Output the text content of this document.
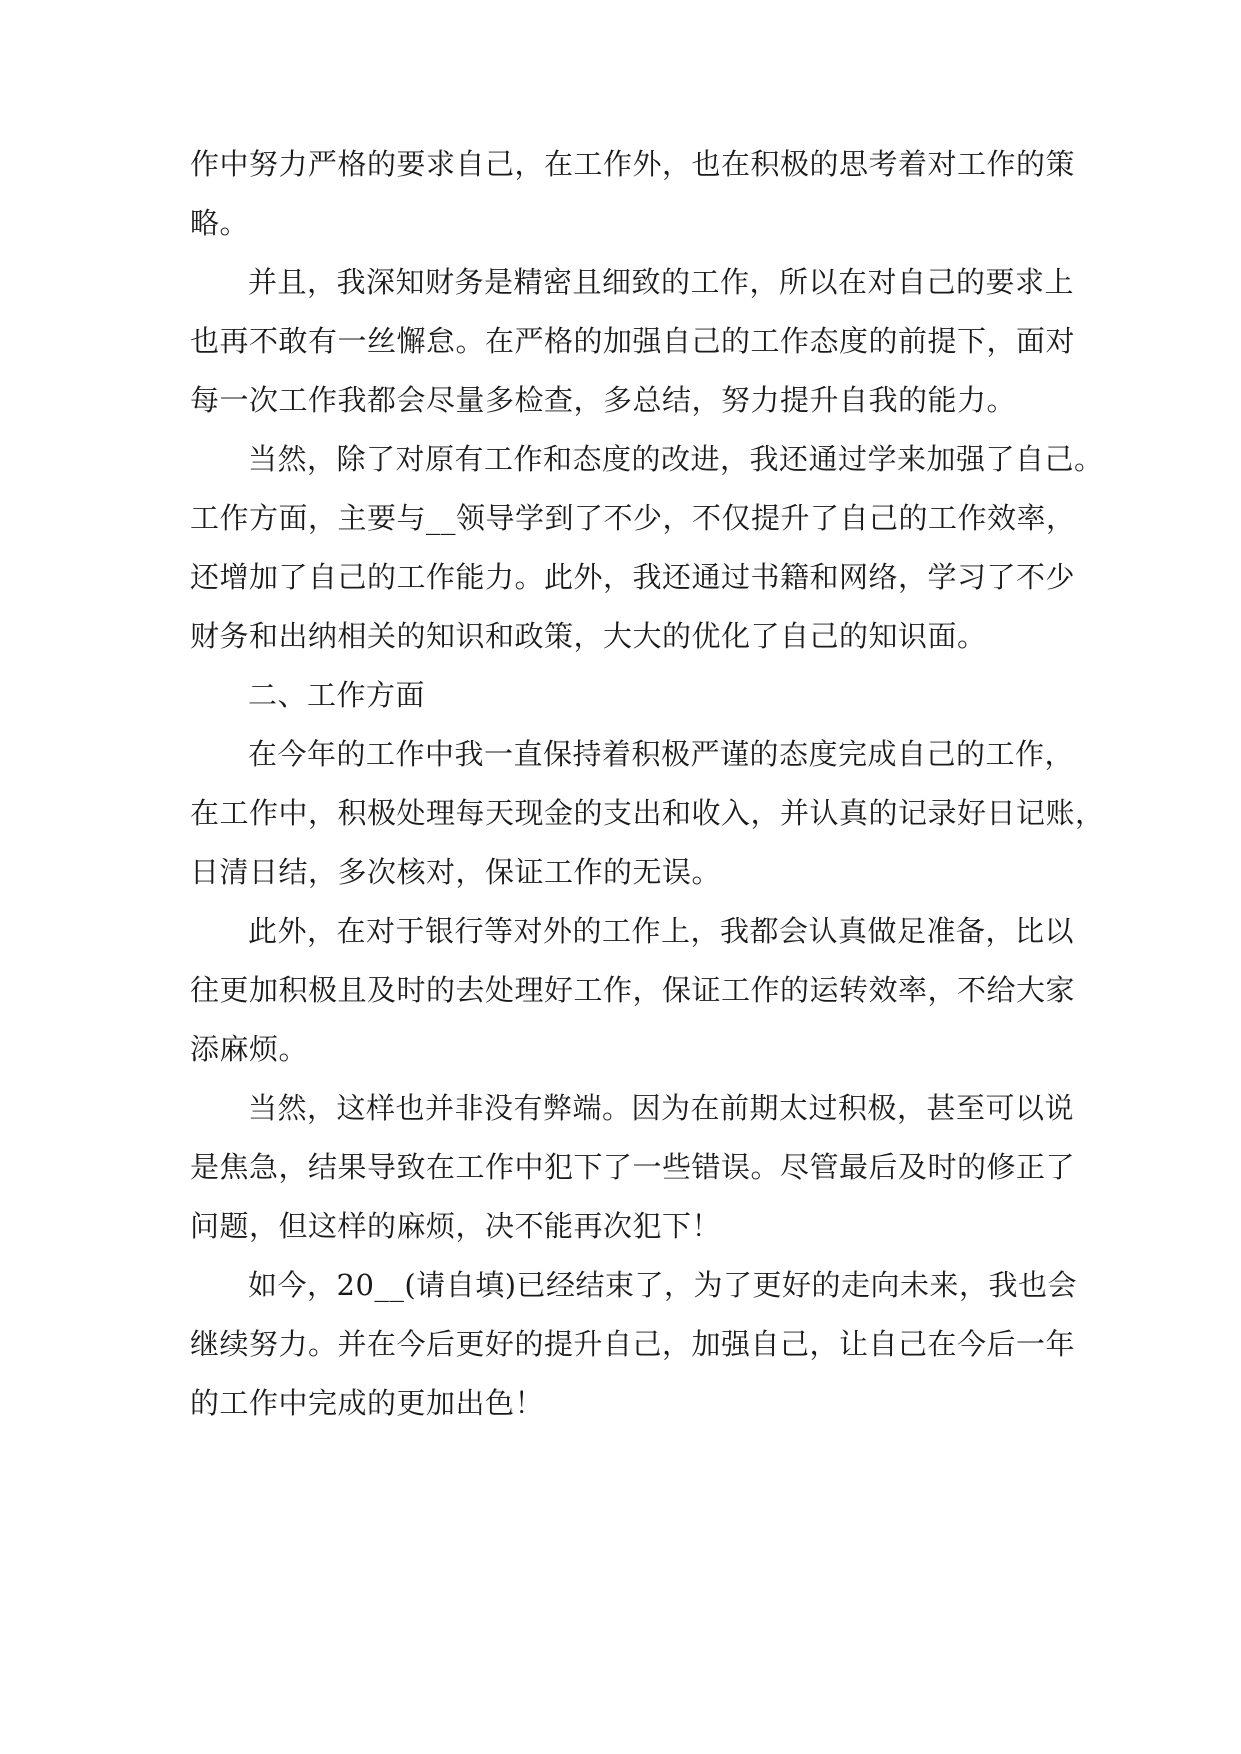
作中努力严格的要求自己，在工作外，也在积极的思考着对工作的策

略。

并且，我深知财务是精密且细致的工作，所以在对自己的要求上

也再不敢有一丝懈怠。在严格的加强自己的工作态度的前提下，面对

每一次工作我都会尽量多检查，多总结，努力提升自我的能力。

当然，除了对原有工作和态度的改进，我还通过学来加强了自己。

工作方面，主要与__领导学到了不少，不仅提升了自己的工作效率，

还增加了自己的工作能力。此外，我还通过书籍和网络，学习了不少

财务和出纳相关的知识和政策，大大的优化了自己的知识面。

二、工作方面

在今年的工作中我一直保持着积极严谨的态度完成自己的工作，

在工作中，积极处理每天现金的支出和收入，并认真的记录好日记账，

日清日结，多次核对，保证工作的无误。

此外，在对于银行等对外的工作上，我都会认真做足准备，比以

往更加积极且及时的去处理好工作，保证工作的运转效率，不给大家

添麻烦。

当然，这样也并非没有弊端。因为在前期太过积极，甚至可以说

是焦急，结果导致在工作中犯下了一些错误。尽管最后及时的修正了

问题，但这样的麻烦，决不能再次犯下！

如今，20__(请自填)已经结束了，为了更好的走向未来，我也会

继续努力。并在今后更好的提升自己，加强自己，让自己在今后一年

的工作中完成的更加出色！
